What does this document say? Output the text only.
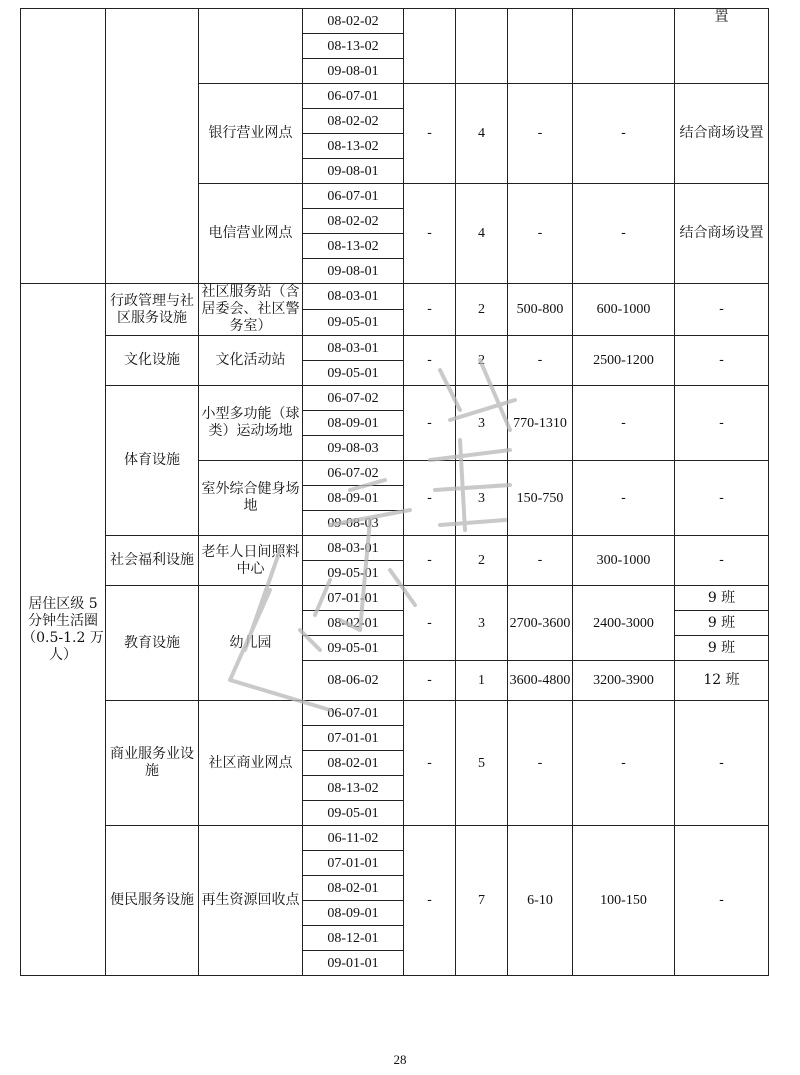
			08-02-02					置
			08-13-02					
			09-08-01					
		银行营业网点	06-07-01	-	4	-	-	结合商场设置
			08-02-02					
			08-13-02					
			09-08-01					
		电信营业网点	06-07-01	-	4	-	-	结合商场设置
			08-02-02					
			08-13-02					
			09-08-01					
居住区级 5 分钟生活圈（0.5-1.2 万人）	行政管理与社区服务设施	社区服务站（含居委会、社区警务室）	08-03-01	-	2	500-800	600-1000	-
			09-05-01					
	文化设施	文化活动站	08-03-01	-	2	-	2500-1200	-
			09-05-01					
	体育设施	小型多功能（球类）运动场地	06-07-02	-	3	770-1310	-	-
			08-09-01					
			09-08-03					
		室外综合健身场地	06-07-02	-	3	150-750	-	-
			08-09-01					
			09-08-03					
	社会福利设施	老年人日间照料中心	08-03-01	-	2	-	300-1000	-
			09-05-01					
	教育设施	幼儿园	07-01-01	-	3	2700-3600	2400-3000	9 班
			08-02-01					9 班
			09-05-01					9 班
			08-06-02	-	1	3600-4800	3200-3900	12 班
	商业服务业设施	社区商业网点	06-07-01	-	5	-	-	-
			07-01-01					
			08-02-01					
			08-13-02					
			09-05-01					
	便民服务设施	再生资源回收点	06-11-02	-	7	6-10	100-150	-
			07-01-01					
			08-02-01					
			08-09-01					
			08-12-01					
			09-01-01					
28
